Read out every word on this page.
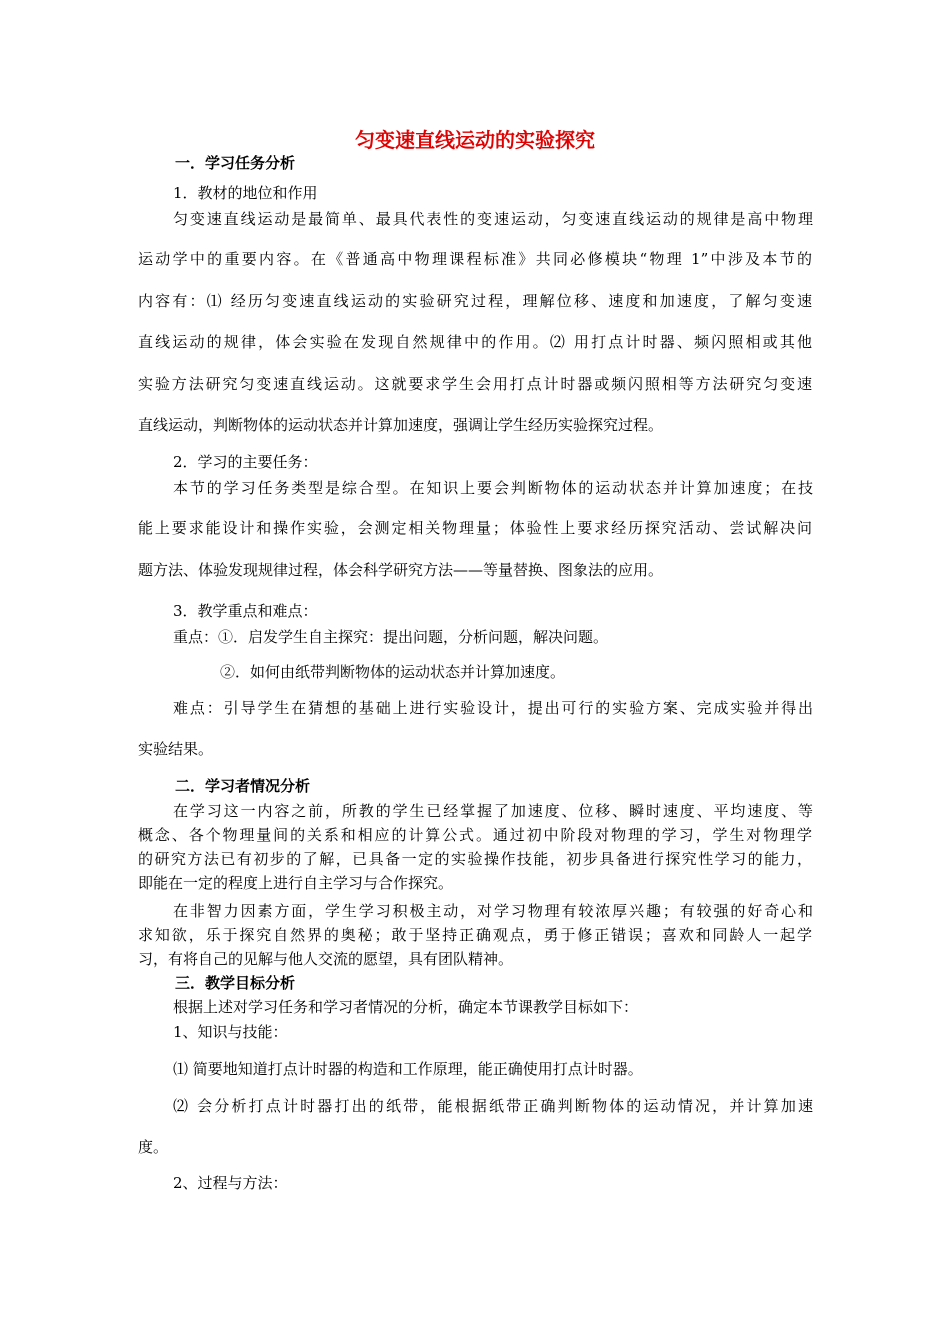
匀变速直线运动的实验探究
一．学习任务分析
1．教材的地位和作用
匀变速直线运动是最简单、最具代表性的变速运动，匀变速直线运动的规律是高中物理
运动学中的重要内容。在《普通高中物理课程标准》共同必修模块“物理 1”中涉及本节的
内容有：⑴ 经历匀变速直线运动的实验研究过程，理解位移、速度和加速度，了解匀变速
直线运动的规律，体会实验在发现自然规律中的作用。⑵ 用打点计时器、频闪照相或其他
实验方法研究匀变速直线运动。这就要求学生会用打点计时器或频闪照相等方法研究匀变速
直线运动，判断物体的运动状态并计算加速度，强调让学生经历实验探究过程。
2．学习的主要任务：
本节的学习任务类型是综合型。在知识上要会判断物体的运动状态并计算加速度；在技
能上要求能设计和操作实验，会测定相关物理量；体验性上要求经历探究活动、尝试解决问
题方法、体验发现规律过程，体会科学研究方法——等量替换、图象法的应用。
3．教学重点和难点：
重点：①．启发学生自主探究：提出问题，分析问题，解决问题。
②．如何由纸带判断物体的运动状态并计算加速度。
难点：引导学生在猜想的基础上进行实验设计，提出可行的实验方案、完成实验并得出
实验结果。
二．学习者情况分析
在学习这一内容之前，所教的学生已经掌握了加速度、位移、瞬时速度、平均速度、等
概念、各个物理量间的关系和相应的计算公式。通过初中阶段对物理的学习，学生对物理学
的研究方法已有初步的了解，已具备一定的实验操作技能，初步具备进行探究性学习的能力，
即能在一定的程度上进行自主学习与合作探究。
在非智力因素方面，学生学习积极主动，对学习物理有较浓厚兴趣；有较强的好奇心和
求知欲，乐于探究自然界的奥秘；敢于坚持正确观点，勇于修正错误；喜欢和同龄人一起学
习，有将自己的见解与他人交流的愿望，具有团队精神。
三．教学目标分析
根据上述对学习任务和学习者情况的分析，确定本节课教学目标如下：
1、知识与技能：
⑴ 简要地知道打点计时器的构造和工作原理，能正确使用打点计时器。
⑵ 会分析打点计时器打出的纸带，能根据纸带正确判断物体的运动情况，并计算加速
度。
2、过程与方法：
